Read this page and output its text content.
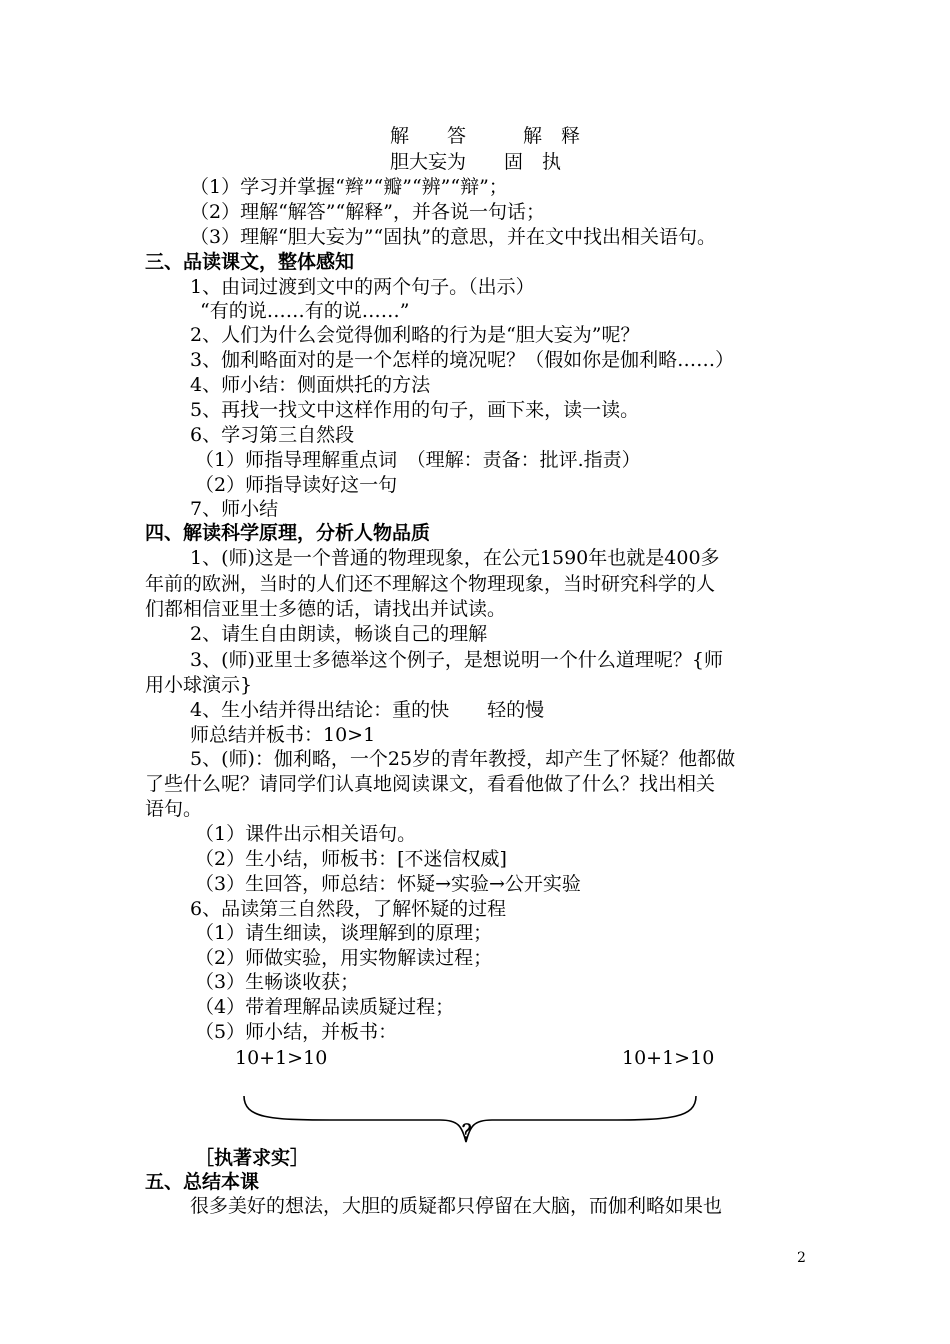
解　　答　　　解　释
胆大妄为　　固　执
（1）学习并掌握“辫”“瓣”“辨”“辩”；
（2）理解“解答”“解释”，并各说一句话；
（3）理解“胆大妄为”“固执”的意思，并在文中找出相关语句。
三、品读课文，整体感知
1、由词过渡到文中的两个句子。（出示）
“有的说……有的说……”
2、人们为什么会觉得伽利略的行为是“胆大妄为”呢？
3、伽利略面对的是一个怎样的境况呢？（假如你是伽利略……）
4、师小结：侧面烘托的方法
5、再找一找文中这样作用的句子，画下来，读一读。
6、学习第三自然段
（1）师指导理解重点词　（理解：责备：批评.指责）
（2）师指导读好这一句
7、师小结
四、解读科学原理，分析人物品质
1、(师)这是一个普通的物理现象，在公元1590年也就是400多
年前的欧洲，当时的人们还不理解这个物理现象，当时研究科学的人
们都相信亚里士多德的话，请找出并试读。
2、请生自由朗读，畅谈自己的理解
3、(师)亚里士多德举这个例子，是想说明一个什么道理呢？{师
用小球演示}
4、生小结并得出结论：重的快　　轻的慢
师总结并板书：10>1
5、(师)：伽利略，一个25岁的青年教授，却产生了怀疑？他都做
了些什么呢？请同学们认真地阅读课文，看看他做了什么？找出相关
语句。
（1）课件出示相关语句。
（2）生小结，师板书：[不迷信权威]
（3）生回答，师总结：怀疑→实验→公开实验
6、品读第三自然段，了解怀疑的过程
（1）请生细读，谈理解到的原理；
（2）师做实验，用实物解读过程；
（3）生畅谈收获；
（4）带着理解品读质疑过程；
（5）师小结，并板书：
10+1>10	10+1>10
？
［执著求实］
五、总结本课
很多美好的想法，大胆的质疑都只停留在大脑，而伽利略如果也
2
